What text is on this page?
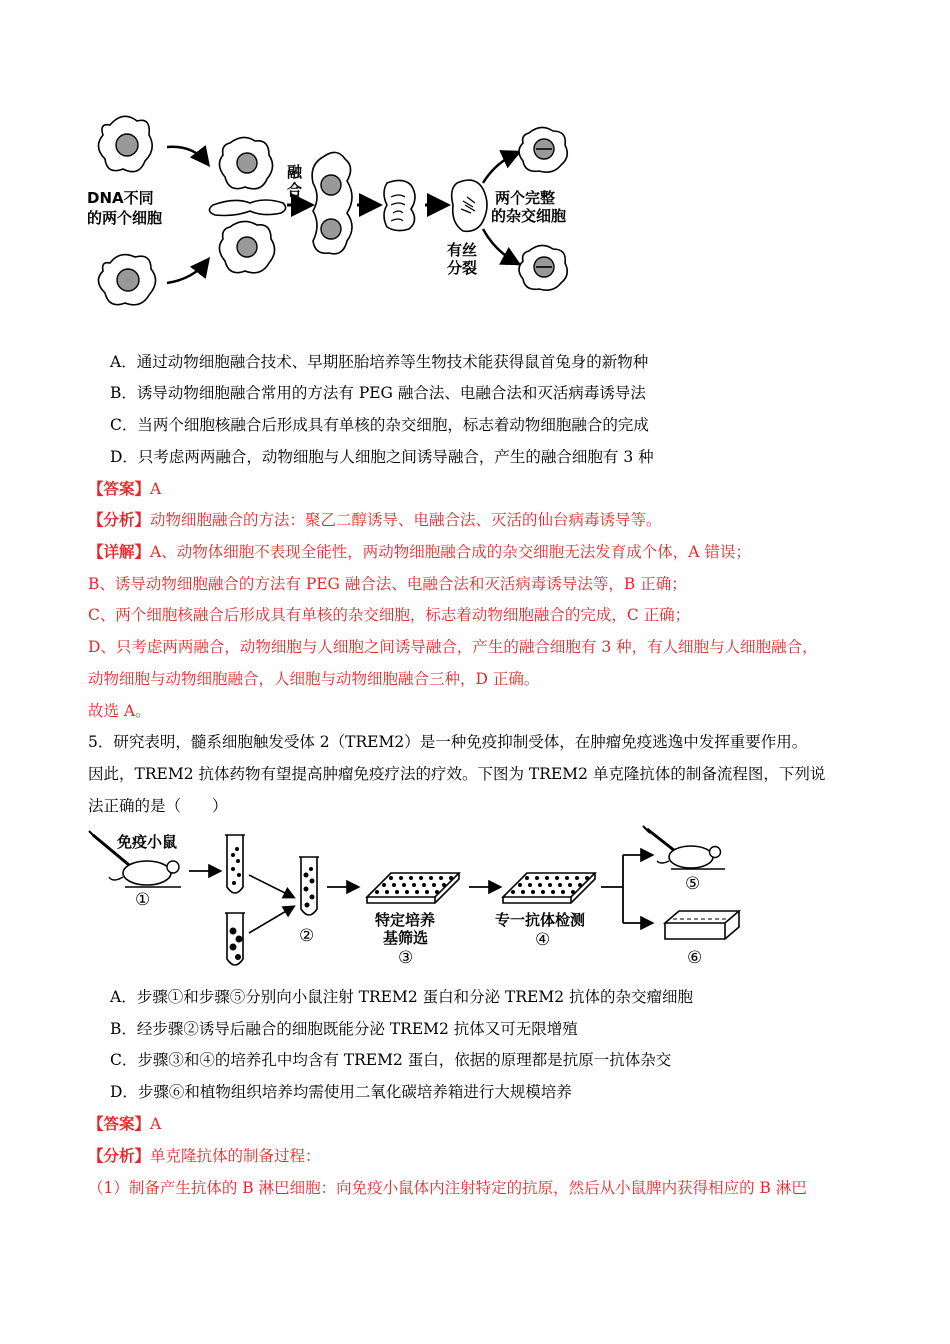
DNA不同
的两个细胞
融
合
有丝
分裂
两个完整
的杂交细胞
A．通过动物细胞融合技术、早期胚胎培养等生物技术能获得鼠首兔身的新物种
B．诱导动物细胞融合常用的方法有 PEG 融合法、电融合法和灭活病毒诱导法
C．当两个细胞核融合后形成具有单核的杂交细胞，标志着动物细胞融合的完成
D．只考虑两两融合，动物细胞与人细胞之间诱导融合，产生的融合细胞有 3 种
【答案】A
【分析】动物细胞融合的方法：聚乙二醇诱导、电融合法、灭活的仙台病毒诱导等。
【详解】A、动物体细胞不表现全能性，两动物细胞融合成的杂交细胞无法发育成个体，A 错误；
B、诱导动物细胞融合的方法有 PEG 融合法、电融合法和灭活病毒诱导法等，B 正确；
C、两个细胞核融合后形成具有单核的杂交细胞，标志着动物细胞融合的完成，C 正确；
D、只考虑两两融合，动物细胞与人细胞之间诱导融合，产生的融合细胞有 3 种，有人细胞与人细胞融合，
动物细胞与动物细胞融合，人细胞与动物细胞融合三种，D 正确。
故选 A。
5．研究表明，髓系细胞触发受体 2（TREM2）是一种免疫抑制受体，在肿瘤免疫逃逸中发挥重要作用。
因此，TREM2 抗体药物有望提高肿瘤免疫疗法的疗效。下图为 TREM2 单克隆抗体的制备流程图，下列说
法正确的是（　　）
免疫小鼠
①
②
特定培养
基筛选
③
专一抗体检测
④
⑤
⑥
A．步骤①和步骤⑤分别向小鼠注射 TREM2 蛋白和分泌 TREM2 抗体的杂交瘤细胞
B．经步骤②诱导后融合的细胞既能分泌 TREM2 抗体又可无限增殖
C．步骤③和④的培养孔中均含有 TREM2 蛋白，依据的原理都是抗原一抗体杂交
D．步骤⑥和植物组织培养均需使用二氧化碳培养箱进行大规模培养
【答案】A
【分析】单克隆抗体的制备过程：
（1）制备产生抗体的 B 淋巴细胞：向免疫小鼠体内注射特定的抗原，然后从小鼠脾内获得相应的 B 淋巴
